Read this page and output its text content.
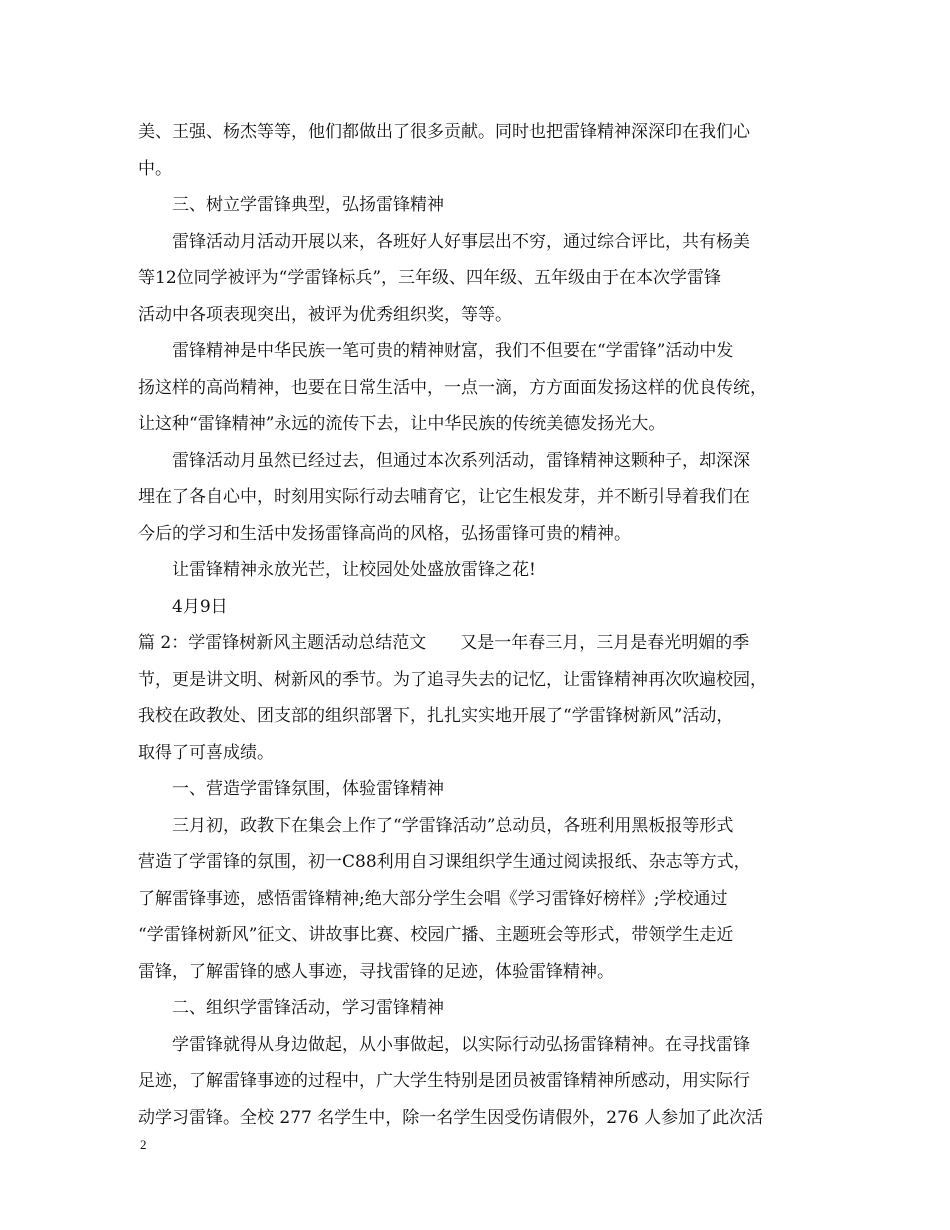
美、王强、杨杰等等，他们都做出了很多贡献。同时也把雷锋精神深深印在我们心
中。
三、树立学雷锋典型，弘扬雷锋精神
雷锋活动月活动开展以来，各班好人好事层出不穷，通过综合评比，共有杨美
等12位同学被评为“学雷锋标兵”，三年级、四年级、五年级由于在本次学雷锋
活动中各项表现突出，被评为优秀组织奖，等等。
雷锋精神是中华民族一笔可贵的精神财富，我们不但要在“学雷锋”活动中发
扬这样的高尚精神，也要在日常生活中，一点一滴，方方面面发扬这样的优良传统，
让这种“雷锋精神”永远的流传下去，让中华民族的传统美德发扬光大。
雷锋活动月虽然已经过去，但通过本次系列活动，雷锋精神这颗种子，却深深
埋在了各自心中，时刻用实际行动去哺育它，让它生根发芽，并不断引导着我们在
今后的学习和生活中发扬雷锋高尚的风格，弘扬雷锋可贵的精神。
让雷锋精神永放光芒，让校园处处盛放雷锋之花!
4月9日
篇 2：学雷锋树新风主题活动总结范文　　又是一年春三月，三月是春光明媚的季
节，更是讲文明、树新风的季节。为了追寻失去的记忆，让雷锋精神再次吹遍校园，
我校在政教处、团支部的组织部署下，扎扎实实地开展了“学雷锋树新风”活动，
取得了可喜成绩。
一、营造学雷锋氛围，体验雷锋精神
三月初，政教下在集会上作了“学雷锋活动”总动员，各班利用黑板报等形式
营造了学雷锋的氛围，初一C88利用自习课组织学生通过阅读报纸、杂志等方式，
了解雷锋事迹，感悟雷锋精神;绝大部分学生会唱《学习雷锋好榜样》;学校通过
“学雷锋树新风”征文、讲故事比赛、校园广播、主题班会等形式，带领学生走近
雷锋，了解雷锋的感人事迹，寻找雷锋的足迹，体验雷锋精神。
二、组织学雷锋活动，学习雷锋精神
学雷锋就得从身边做起，从小事做起，以实际行动弘扬雷锋精神。在寻找雷锋
足迹，了解雷锋事迹的过程中，广大学生特别是团员被雷锋精神所感动，用实际行
动学习雷锋。全校 277 名学生中，除一名学生因受伤请假外，276 人参加了此次活
2
